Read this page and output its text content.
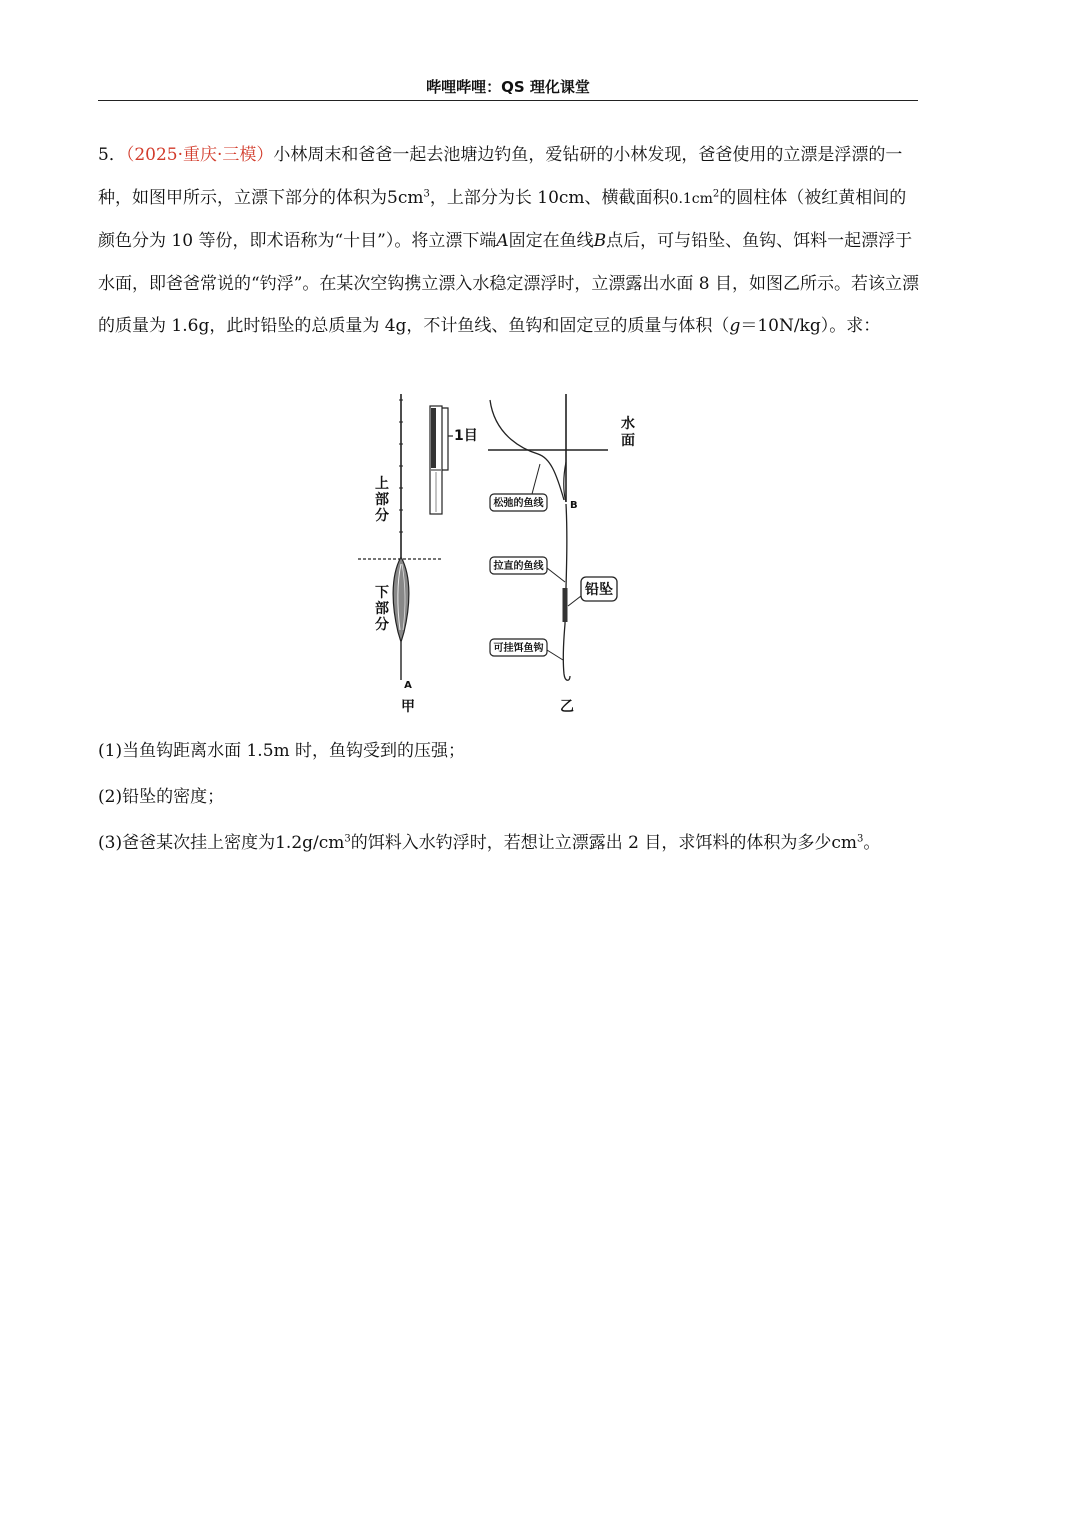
哔哩哔哩：QS 理化课堂

5．（2025·重庆·三模）小林周末和爸爸一起去池塘边钓鱼，爱钻研的小林发现，爸爸使用的立漂是浮漂的一种，如图甲所示，立漂下部分的体积为$5cm^3$，上部分为长 10cm、横截面积$0.1cm^2$的圆柱体（被红黄相间的颜色分为 10 等份，即术语称为“十目”）。将立漂下端A固定在鱼线B点后，可与铅坠、鱼钩、饵料一起漂浮于水面，即爸爸常说的“钓浮”。在某次空钩携立漂入水稳定漂浮时，立漂露出水面 8 目，如图乙所示。若该立漂的质量为 1.6g，此时铅坠的总质量为 4g，不计鱼线、鱼钩和固定豆的质量与体积（g＝10N/kg）。求：

1目
上
部
分
下
部
分
A
甲
水
面
B
松弛的鱼线
拉直的鱼线
铅坠
可挂饵鱼钩
乙

(1)当鱼钩距离水面 1.5m 时，鱼钩受到的压强；

(2)铅坠的密度；

(3)爸爸某次挂上密度为$1.2g/cm^3$的饵料入水钓浮时，若想让立漂露出 2 目，求饵料的体积为多少$cm^3$。
